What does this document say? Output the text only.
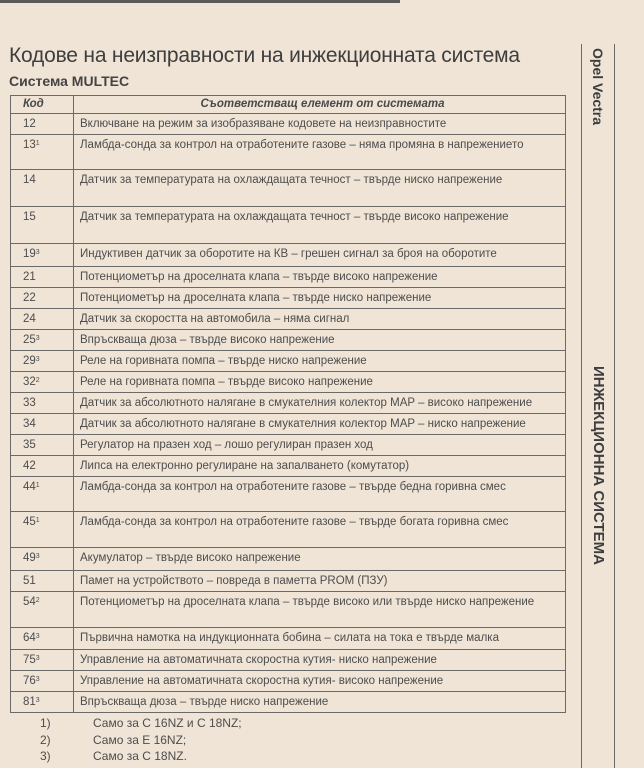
Кодове на неизправности на инжекционната система
Система MULTEC
Код	Съответстващ елемент от системата
12	Включване на режим за изобразяване кодовете на неизправностите
$13^1$	Ламбда-сонда за контрол на отработените газове – няма промяна в напрежението
14	Датчик за температурата на охлаждащата течност – твърде ниско напрежение
15	Датчик за температурата на охлаждащата течност – твърде високо напрежение
$19^3$	Индуктивен датчик за оборотите на КВ – грешен сигнал за броя на оборотите
21	Потенциометър на дроселната клапа – твърде високо напрежение
22	Потенциометър на дроселната клапа – твърде ниско напрежение
24	Датчик за скоростта на автомобила – няма сигнал
$25^3$	Впръскваща дюза – твърде високо напрежение
$29^3$	Реле на горивната помпа – твърде ниско напрежение
$32^2$	Реле на горивната помпа – твърде високо напрежение
33	Датчик за абсолютното налягане в смукателния колектор MAP – високо напрежение
34	Датчик за абсолютното налягане в смукателния колектор MAP – ниско напрежение
35	Регулатор на празен ход – лошо регулиран празен ход
42	Липса на електронно регулиране на запалването (комутатор)
$44^1$	Ламбда-сонда за контрол на отработените газове – твърде бедна горивна смес
$45^1$	Ламбда-сонда за контрол на отработените газове – твърде богата горивна смес
$49^3$	Акумулатор – твърде високо напрежение
51	Памет на устройството – повреда в паметта PROM (ПЗУ)
$54^2$	Потенциометър на дроселната клапа – твърде високо или твърде ниско напрежение
$64^3$	Първична намотка на индукционната бобина – силата на тока е твърде малка
$75^3$	Управление на автоматичната скоростна кутия- ниско напрежение
$76^3$	Управление на автоматичната скоростна кутия- високо напрежение
$81^3$	Впръскваща дюза – твърде ниско напрежение
1)	Само за C 16NZ и C 18NZ;
2)	Само за E 16NZ;
3)	Само за C 18NZ.
Opel Vectra
ИНЖЕКЦИОННА СИСТЕМА
